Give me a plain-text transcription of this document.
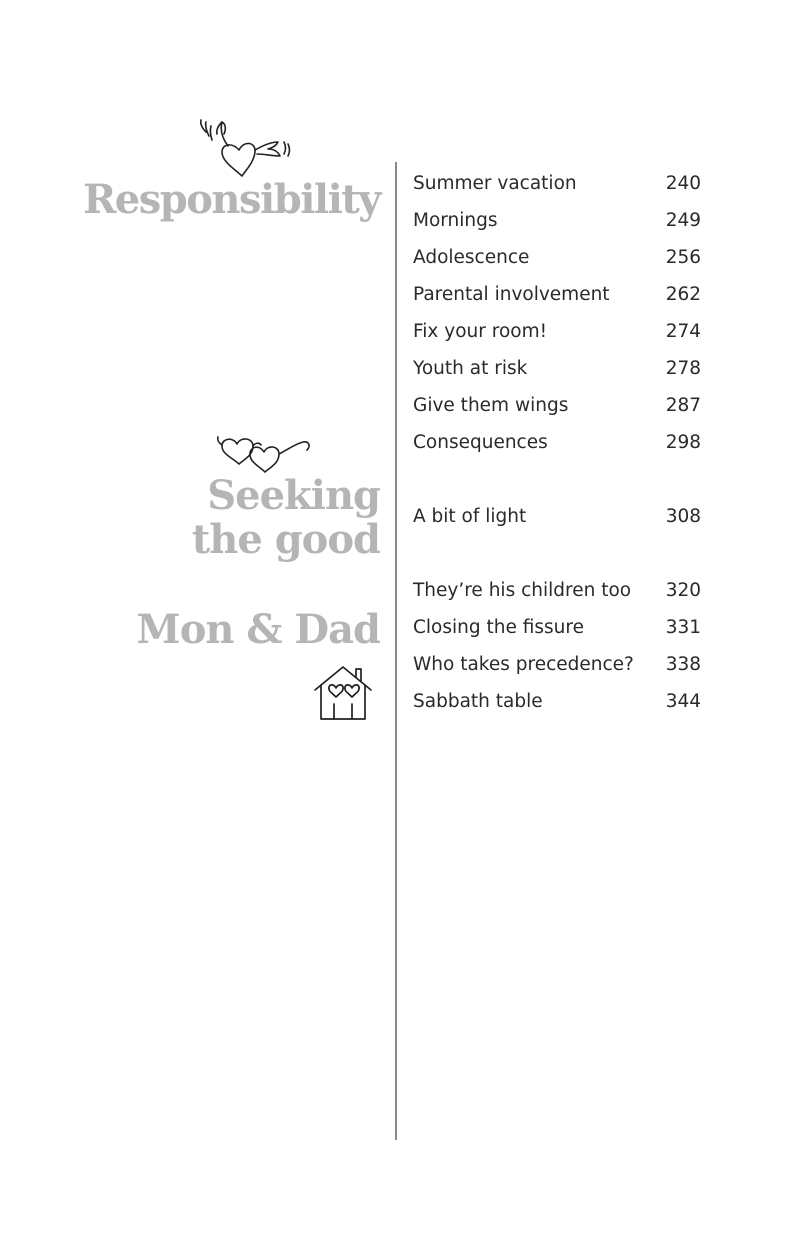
Responsibility
Seeking
the good
Mon & Dad
Summer vacation	240
Mornings	249
Adolescence	256
Parental involvement	262
Fix your room!	274
Youth at risk	278
Give them wings	287
Consequences	298
A bit of light	308
They’re his children too 320
Closing the fissure	331
Who takes precedence? 338
Sabbath table	344
